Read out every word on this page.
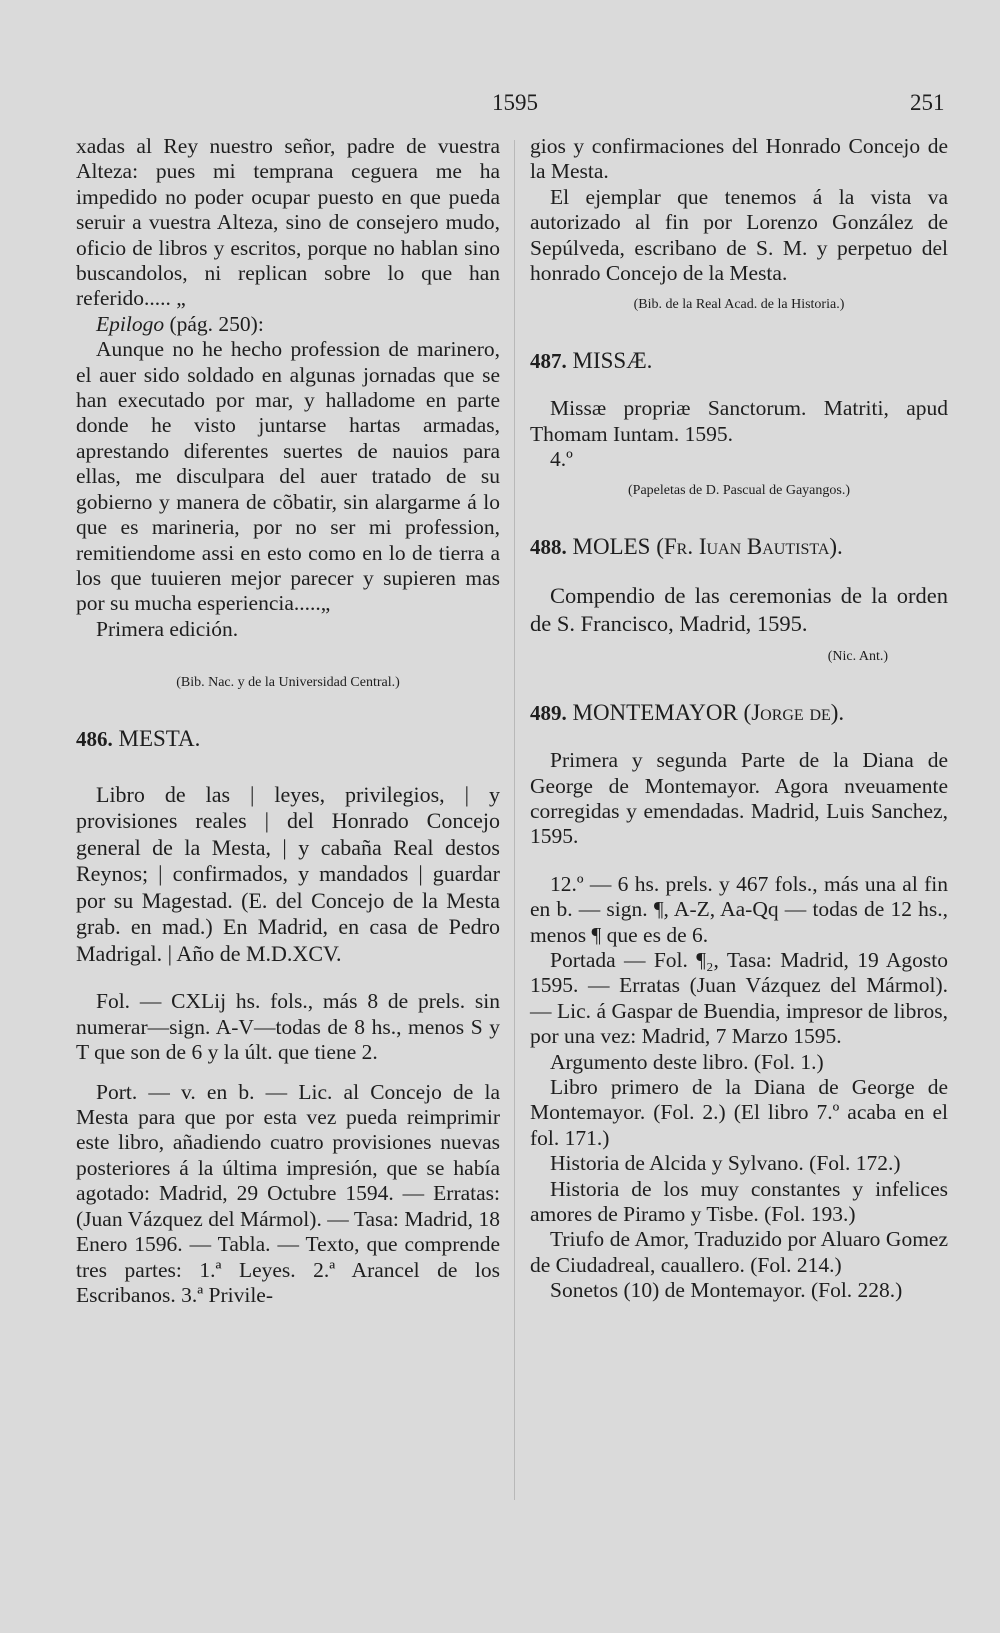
1595	251

xadas al Rey nuestro señor, padre de vuestra Alteza: pues mi temprana ceguera me ha impedido no poder ocupar puesto en que pueda seruir a vuestra Alteza, sino de consejero mudo, oficio de libros y escritos, porque no hablan sino buscandolos, ni replican sobre lo que han referido..... „

Epilogo (pág. 250):

Aunque no he hecho profession de marinero, el auer sido soldado en algunas jornadas que se han executado por mar, y halladome en parte donde he visto juntarse hartas armadas, aprestando diferentes suertes de nauios para ellas, me disculpara del auer tratado de su gobierno y manera de cõbatir, sin alargarme á lo que es marineria, por no ser mi profession, remitiendome assi en esto como en lo de tierra a los que tuuieren mejor parecer y supieren mas por su mucha esperiencia.....„

Primera edición.

(Bib. Nac. y de la Universidad Central.)

486. MESTA.

Libro de las | leyes, privilegios, | y provisiones reales | del Honrado Concejo general de la Mesta, | y cabaña Real destos Reynos; | confirmados, y mandados | guardar por su Magestad. (E. del Concejo de la Mesta grab. en mad.) En Madrid, en casa de Pedro Madrigal. | Año de M.D.XCV.

Fol. — CXLij hs. fols., más 8 de prels. sin numerar—sign. A-V—todas de 8 hs., menos S y T que son de 6 y la últ. que tiene 2.

Port. — v. en b. — Lic. al Concejo de la Mesta para que por esta vez pueda reimprimir este libro, añadiendo cuatro provisiones nuevas posteriores á la última impresión, que se había agotado: Madrid, 29 Octubre 1594. — Erratas: (Juan Vázquez del Mármol). — Tasa: Madrid, 18 Enero 1596. — Tabla. — Texto, que comprende tres partes: 1.ª Leyes. 2.ª Arancel de los Escribanos. 3.ª Privile-

gios y confirmaciones del Honrado Concejo de la Mesta.

El ejemplar que tenemos á la vista va autorizado al fin por Lorenzo González de Sepúlveda, escribano de S. M. y perpetuo del honrado Concejo de la Mesta.

(Bib. de la Real Acad. de la Historia.)

487. MISSÆ.

Missæ propriæ Sanctorum. Matriti, apud Thomam Iuntam. 1595.

4.º

(Papeletas de D. Pascual de Gayangos.)

488. MOLES (Fr. Iuan Bautista).

Compendio de las ceremonias de la orden de S. Francisco, Madrid, 1595.

(Nic. Ant.)

489. MONTEMAYOR (Jorge de).

Primera y segunda Parte de la Diana de George de Montemayor. Agora nveuamente corregidas y emendadas. Madrid, Luis Sanchez, 1595.

12.º — 6 hs. prels. y 467 fols., más una al fin en b. — sign. ¶, A-Z, Aa-Qq — todas de 12 hs., menos ¶ que es de 6.

Portada — Fol. ¶₂, Tasa: Madrid, 19 Agosto 1595. — Erratas (Juan Vázquez del Mármol). — Lic. á Gaspar de Buendia, impresor de libros, por una vez: Madrid, 7 Marzo 1595.

Argumento deste libro. (Fol. 1.)

Libro primero de la Diana de George de Montemayor. (Fol. 2.) (El libro 7.º acaba en el fol. 171.)

Historia de Alcida y Sylvano. (Fol. 172.)

Historia de los muy constantes y infelices amores de Piramo y Tisbe. (Fol. 193.)

Triufo de Amor, Traduzido por Aluaro Gomez de Ciudadreal, cauallero. (Fol. 214.)

Sonetos (10) de Montemayor. (Fol. 228.)
